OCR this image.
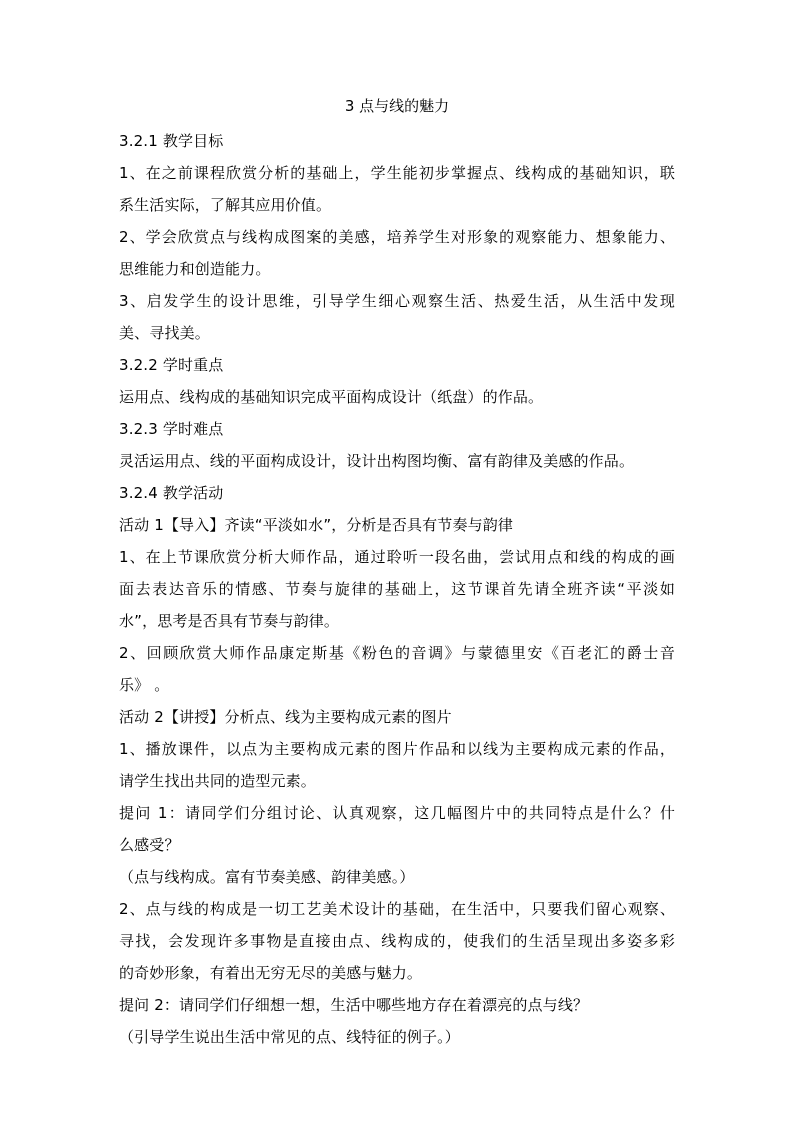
3 点与线的魅力
3.2.1 教学目标
1、在之前课程欣赏分析的基础上，学生能初步掌握点、线构成的基础知识，联
系生活实际，了解其应用价值。
2、学会欣赏点与线构成图案的美感，培养学生对形象的观察能力、想象能力、
思维能力和创造能力。
3、启发学生的设计思维，引导学生细心观察生活、热爱生活，从生活中发现
美、寻找美。
3.2.2 学时重点
运用点、线构成的基础知识完成平面构成设计（纸盘）的作品。
3.2.3 学时难点
灵活运用点、线的平面构成设计，设计出构图均衡、富有韵律及美感的作品。
3.2.4 教学活动
活动 1【导入】齐读“平淡如水”，分析是否具有节奏与韵律
1、在上节课欣赏分析大师作品，通过聆听一段名曲，尝试用点和线的构成的画
面去表达音乐的情感、节奏与旋律的基础上，这节课首先请全班齐读“平淡如
水”，思考是否具有节奏与韵律。
2、回顾欣赏大师作品康定斯基《粉色的音调》与蒙德里安《百老汇的爵士音
乐》 。
活动 2【讲授】分析点、线为主要构成元素的图片
1、播放课件，以点为主要构成元素的图片作品和以线为主要构成元素的作品，
请学生找出共同的造型元素。
提问 1：请同学们分组讨论、认真观察，这几幅图片中的共同特点是什么？什
么感受？
（点与线构成。富有节奏美感、韵律美感。）
2、点与线的构成是一切工艺美术设计的基础，在生活中，只要我们留心观察、
寻找，会发现许多事物是直接由点、线构成的，使我们的生活呈现出多姿多彩
的奇妙形象，有着出无穷无尽的美感与魅力。
提问 2：请同学们仔细想一想，生活中哪些地方存在着漂亮的点与线？
（引导学生说出生活中常见的点、线特征的例子。）
